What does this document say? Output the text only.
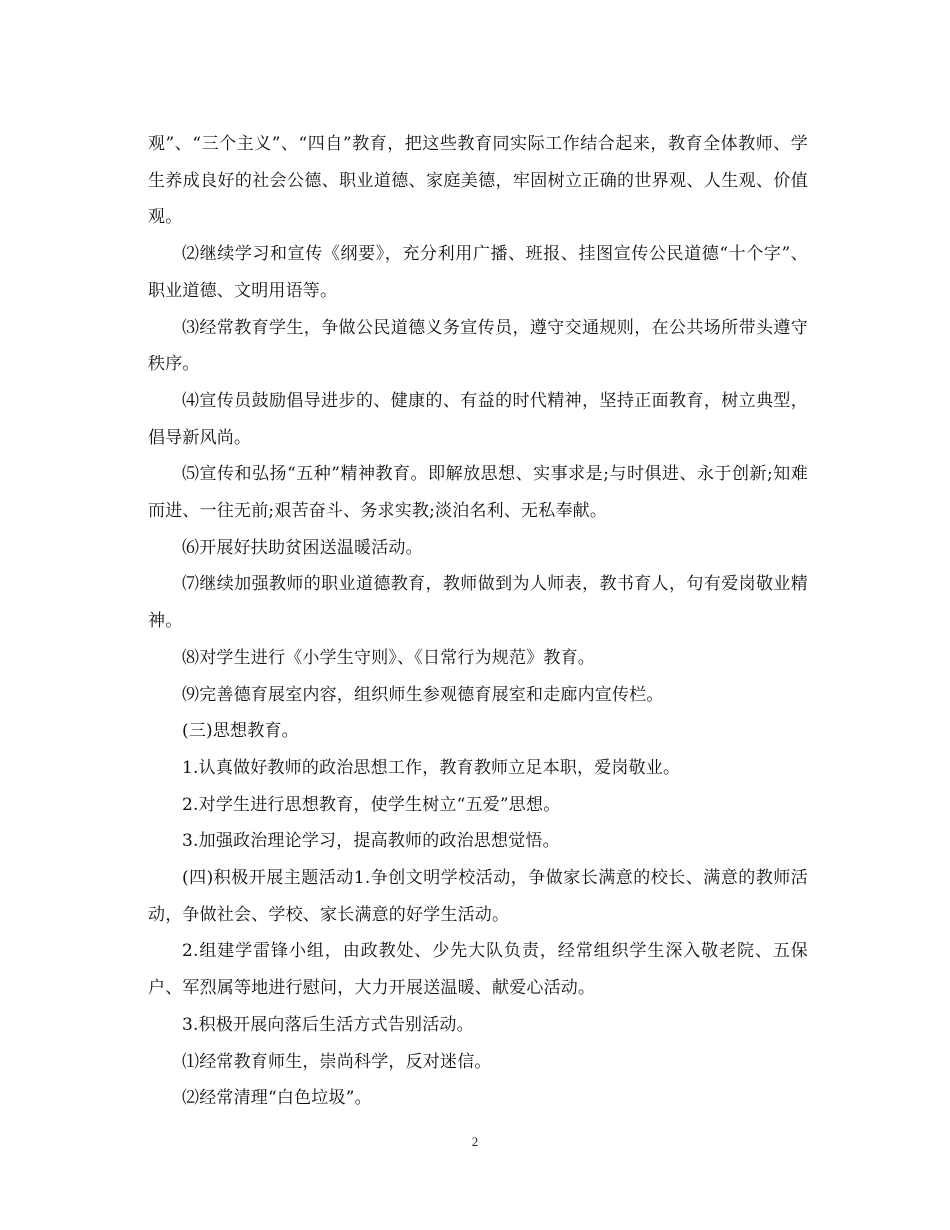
观”、“三个主义”、“四自”教育，把这些教育同实际工作结合起来，教育全体教师、学生养成良好的社会公德、职业道德、家庭美德，牢固树立正确的世界观、人生观、价值观。

⑵继续学习和宣传《纲要》，充分利用广播、班报、挂图宣传公民道德“十个字”、职业道德、文明用语等。

⑶经常教育学生，争做公民道德义务宣传员，遵守交通规则，在公共场所带头遵守秩序。

⑷宣传员鼓励倡导进步的、健康的、有益的时代精神，坚持正面教育，树立典型，倡导新风尚。

⑸宣传和弘扬“五种”精神教育。即解放思想、实事求是;与时俱进、永于创新;知难而进、一往无前;艰苦奋斗、务求实教;淡泊名利、无私奉献。

⑹开展好扶助贫困送温暖活动。

⑺继续加强教师的职业道德教育，教师做到为人师表，教书育人，句有爱岗敬业精神。

⑻对学生进行《小学生守则》、《日常行为规范》教育。

⑼完善德育展室内容，组织师生参观德育展室和走廊内宣传栏。

(三)思想教育。

1.认真做好教师的政治思想工作，教育教师立足本职，爱岗敬业。

2.对学生进行思想教育，使学生树立“五爱”思想。

3.加强政治理论学习，提高教师的政治思想觉悟。

(四)积极开展主题活动1.争创文明学校活动，争做家长满意的校长、满意的教师活动，争做社会、学校、家长满意的好学生活动。

2.组建学雷锋小组，由政教处、少先大队负责，经常组织学生深入敬老院、五保户、军烈属等地进行慰问，大力开展送温暖、献爱心活动。

3.积极开展向落后生活方式告别活动。

⑴经常教育师生，崇尚科学，反对迷信。

⑵经常清理“白色垃圾”。

2
